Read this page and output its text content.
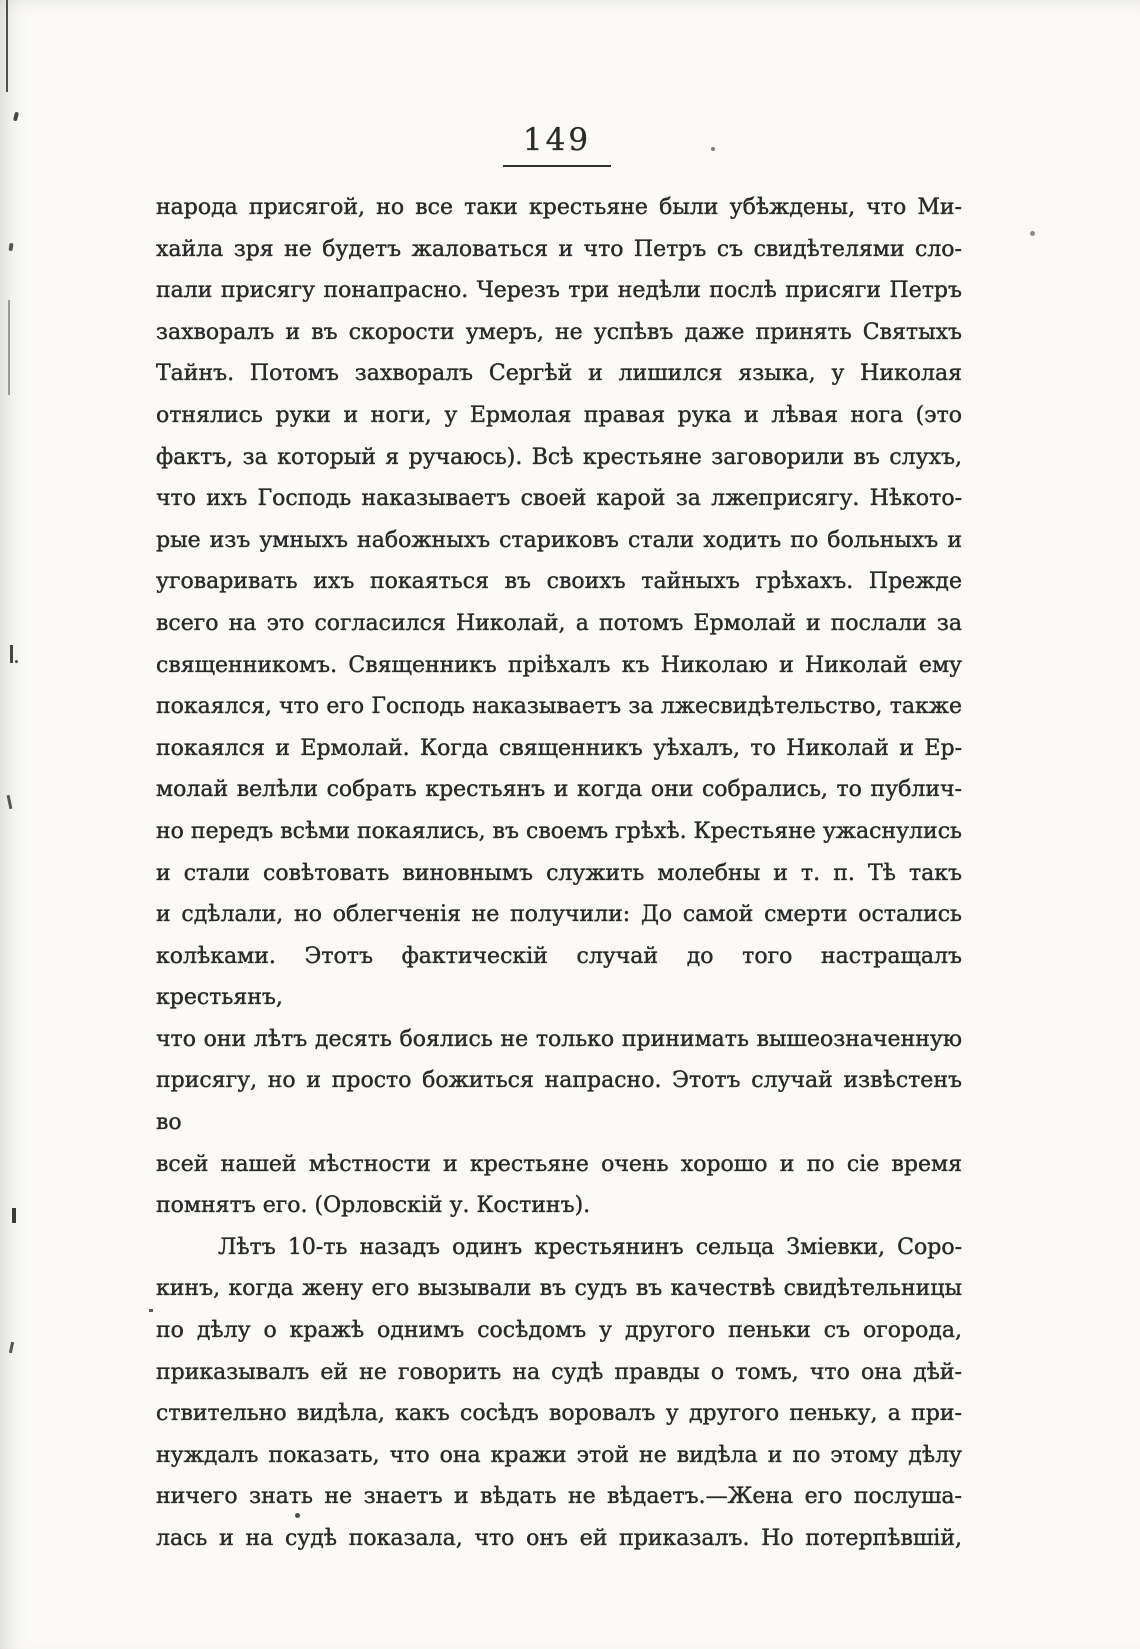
149
народа присягой, но все таки крестьяне были убѣждены, что Ми-
хайла зря не будетъ жаловаться и что Петръ съ свидѣтелями сло-
пали присягу понапрасно. Черезъ три недѣли послѣ присяги Петръ
захворалъ и въ скорости умеръ, не успѣвъ даже принять Святыхъ
Тайнъ. Потомъ захворалъ Сергѣй и лишился языка, у Николая
отнялись руки и ноги, у Ермолая правая рука и лѣвая нога (это
фактъ, за который я ручаюсь). Всѣ крестьяне заговорили въ слухъ,
что ихъ Господь наказываетъ своей карой за лжеприсягу. Нѣкото-
рые изъ умныхъ набожныхъ стариковъ стали ходить по больныхъ и
уговаривать ихъ покаяться въ своихъ тайныхъ грѣхахъ. Прежде
всего на это согласился Николай, а потомъ Ермолай и послали за
священникомъ. Священникъ пріѣхалъ къ Николаю и Николай ему
покаялся, что его Господь наказываетъ за лжесвидѣтельство, также
покаялся и Ермолай. Когда священникъ уѣхалъ, то Николай и Ер-
молай велѣли собрать крестьянъ и когда они собрались, то публич-
но передъ всѣми покаялись, въ своемъ грѣхѣ. Крестьяне ужаснулись
и стали совѣтовать виновнымъ служить молебны и т. п. Тѣ такъ
и сдѣлали, но облегченія не получили: До самой смерти остались
колѣками. Этотъ фактическій случай до того настращалъ крестьянъ,
что они лѣтъ десять боялись не только принимать вышеозначенную
присягу, но и просто божиться напрасно. Этотъ случай извѣстенъ во
всей нашей мѣстности и крестьяне очень хорошо и по сіе время
помнятъ его. (Орловскій у. Костинъ).
Лѣтъ 10-ть назадъ одинъ крестьянинъ сельца Зміевки, Соро-
кинъ, когда жену его вызывали въ судъ въ качествѣ свидѣтельницы
по дѣлу о кражѣ однимъ сосѣдомъ у другого пеньки съ огорода,
приказывалъ ей не говорить на судѣ правды о томъ, что она дѣй-
ствительно видѣла, какъ сосѣдъ воровалъ у другого пеньку, а при-
нуждалъ показать, что она кражи этой не видѣла и по этому дѣлу
ничего знать не знаетъ и вѣдать не вѣдаетъ.—Жена его послуша-
лась и на судѣ показала, что онъ ей приказалъ. Но потерпѣвшій,
